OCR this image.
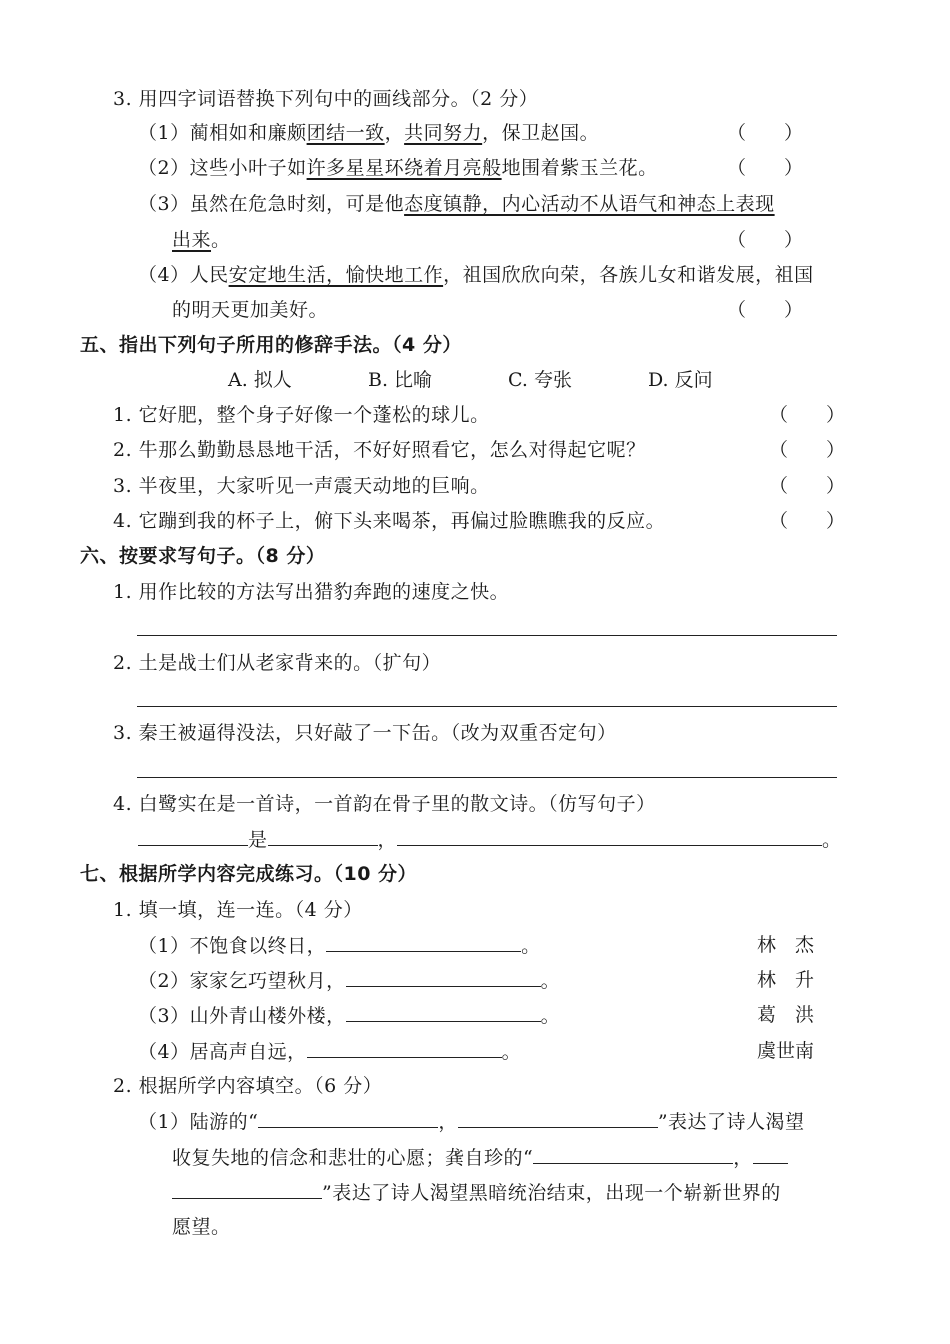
3. 用四字词语替换下列句中的画线部分。（2 分）
（1）蔺相如和廉颇团结一致，共同努力，保卫赵国。	（　　）
（2）这些小叶子如许多星星环绕着月亮般地围着紫玉兰花。	（　　）
（3）虽然在危急时刻，可是他态度镇静，内心活动不从语气和神态上表现
出来。	（　　）
（4）人民安定地生活，愉快地工作，祖国欣欣向荣，各族儿女和谐发展，祖国
的明天更加美好。	（　　）
五、指出下列句子所用的修辞手法。（4 分）
A. 拟人	B. 比喻	C. 夸张	D. 反问
1. 它好肥，整个身子好像一个蓬松的球儿。	（　　）
2. 牛那么勤勤恳恳地干活，不好好照看它，怎么对得起它呢？	（　　）
3. 半夜里，大家听见一声震天动地的巨响。	（　　）
4. 它蹦到我的杯子上，俯下头来喝茶，再偏过脸瞧瞧我的反应。	（　　）
六、按要求写句子。（8 分）
1. 用作比较的方法写出猎豹奔跑的速度之快。
2. 土是战士们从老家背来的。（扩句）
3. 秦王被逼得没法，只好敲了一下缶。（改为双重否定句）
4. 白鹭实在是一首诗，一首韵在骨子里的散文诗。（仿写句子）
是	，	。
七、根据所学内容完成练习。（10 分）
1. 填一填，连一连。（4 分）
（1）不饱食以终日，	。	林　杰
（2）家家乞巧望秋月，	。	林　升
（3）山外青山楼外楼，	。	葛　洪
（4）居高声自远，	。	虞世南
2. 根据所学内容填空。（6 分）
（1）陆游的“	，	”表达了诗人渴望
收复失地的信念和悲壮的心愿；龚自珍的“	，
”表达了诗人渴望黑暗统治结束，出现一个崭新世界的
愿望。
